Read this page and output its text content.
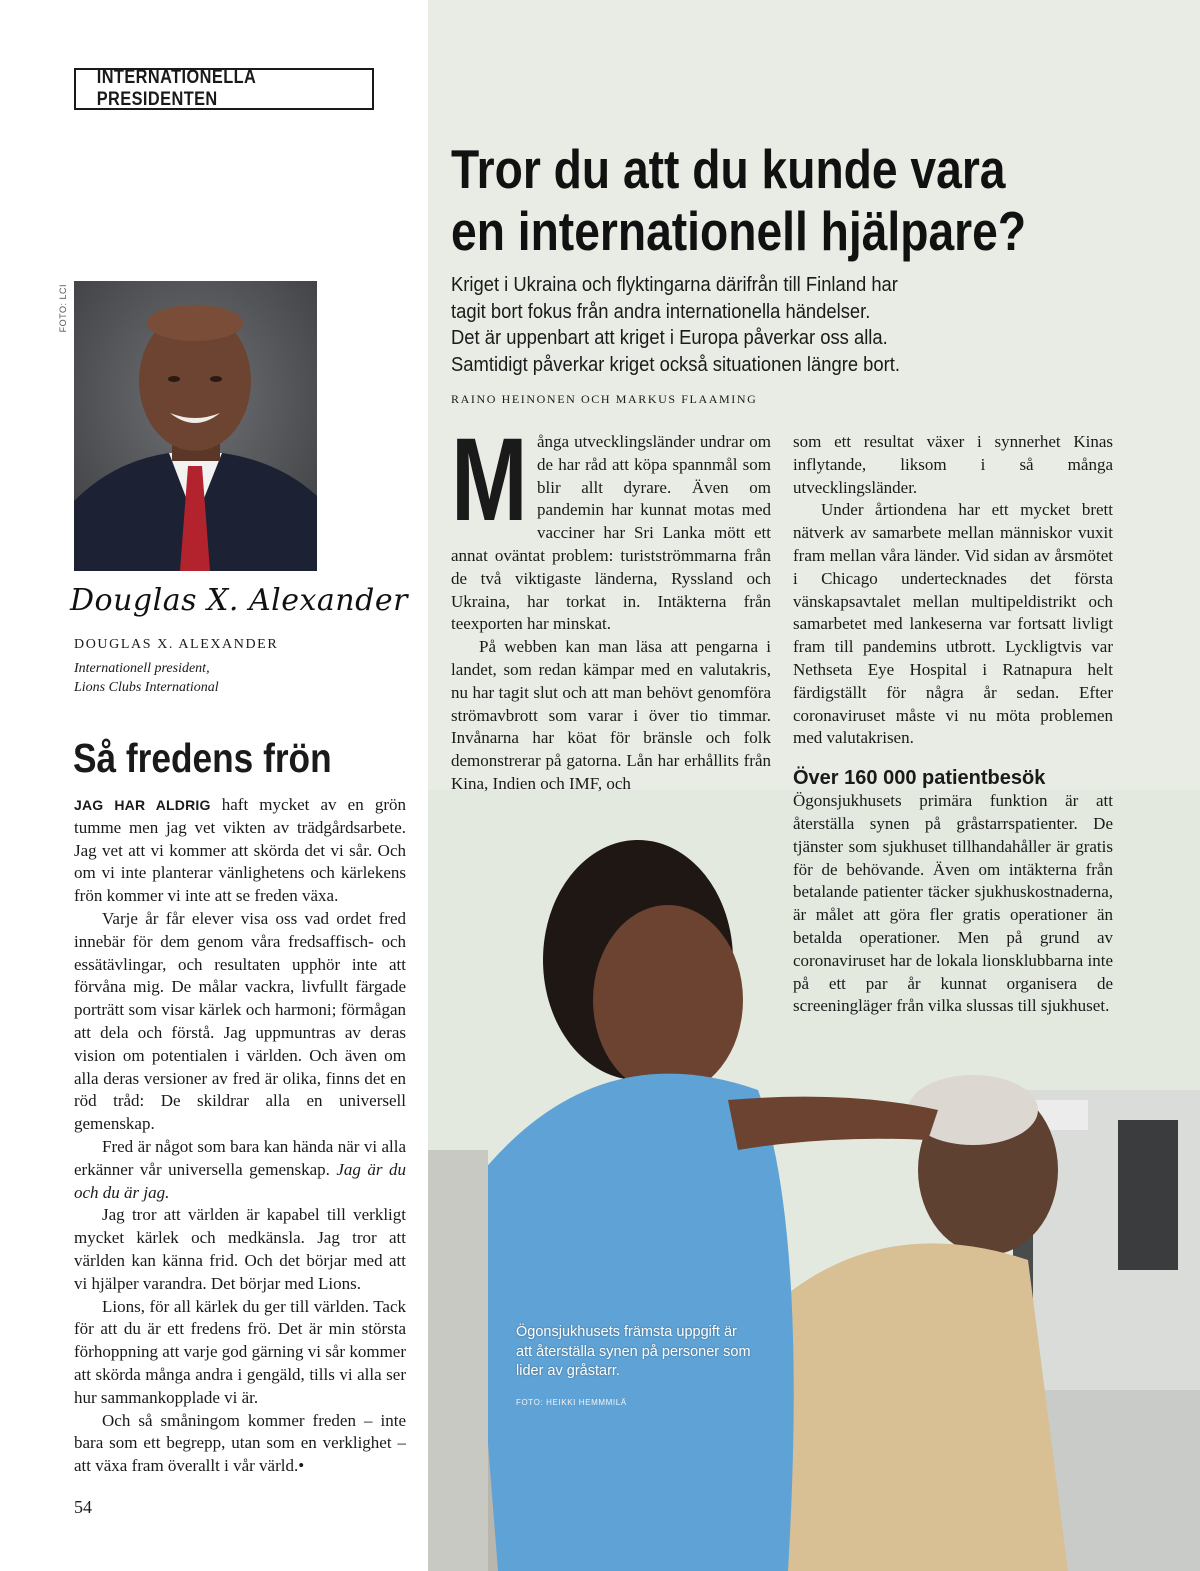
INTERNATIONELLA PRESIDENTEN
FOTO: LCI
Douglas X. Alexander
DOUGLAS X. ALEXANDER
Internationell president,
Lions Clubs International
Så fredens frön

JAG HAR ALDRIG haft mycket av en grön tumme men jag vet vikten av trädgårdsarbete. Jag vet att vi kommer att skörda det vi sår. Och om vi inte planterar vänlighetens och kärlekens frön kommer vi inte att se freden växa.

Varje år får elever visa oss vad ordet fred innebär för dem genom våra fredsaffisch- och essätävlingar, och resultaten upphör inte att förvåna mig. De målar vackra, livfullt färgade porträtt som visar kärlek och harmoni; förmågan att dela och förstå. Jag uppmuntras av deras vision om potentialen i världen. Och även om alla deras versioner av fred är olika, finns det en röd tråd: De skildrar alla en universell gemenskap.

Fred är något som bara kan hända när vi alla erkänner vår universella gemenskap. Jag är du och du är jag.

Jag tror att världen är kapabel till verkligt mycket kärlek och medkänsla. Jag tror att världen kan känna frid. Och det börjar med att vi hjälper varandra. Det börjar med Lions.

Lions, för all kärlek du ger till världen. Tack för att du är ett fredens frö. Det är min största förhoppning att varje god gärning vi sår kommer att skörda många andra i gengäld, tills vi alla ser hur sammankopplade vi är.

Och så småningom kommer freden – inte bara som ett begrepp, utan som en verklighet – att växa fram överallt i vår värld.•

54
Tror du att du kunde vara
en internationell hjälpare?
Kriget i Ukraina och flyktingarna därifrån till Finland har
tagit bort fokus från andra internationella händelser.
Det är uppenbart att kriget i Europa påverkar oss alla.
Samtidigt påverkar kriget också situationen längre bort.
RAINO HEINONEN OCH MARKUS FLAAMING

Många utvecklingsländer undrar om de har råd att köpa spannmål som blir allt dyrare. Även om pandemin har kunnat motas med vacciner har Sri Lanka mött ett annat oväntat problem: turistströmmarna från de två viktigaste länderna, Ryssland och Ukraina, har torkat in. Intäkterna från teexporten har minskat.

På webben kan man läsa att pengarna i landet, som redan kämpar med en valutakris, nu har tagit slut och att man behövt genomföra strömavbrott som varar i över tio timmar. Invånarna har köat för bränsle och folk demonstrerar på gatorna. Lån har erhållits från Kina, Indien och IMF, och

som ett resultat växer i synnerhet Kinas inflytande, liksom i så många utvecklingsländer.

Under årtiondena har ett mycket brett nätverk av samarbete mellan människor vuxit fram mellan våra länder. Vid sidan av årsmötet i Chicago undertecknades det första vänskapsavtalet mellan multipeldistrikt och samarbetet med lankeserna var fortsatt livligt fram till pandemins utbrott. Lyckligtvis var Nethseta Eye Hospital i Ratnapura helt färdigställt för några år sedan. Efter coronaviruset måste vi nu möta problemen med valutakrisen.

Över 160 000 patientbesök

Ögonsjukhusets primära funktion är att återställa synen på gråstarrspatienter. De tjänster som sjukhuset tillhandahåller är gratis för de behövande. Även om intäkterna från betalande patienter täcker sjukhuskostnaderna, är målet att göra fler gratis operationer än betalda operationer. Men på grund av coronaviruset har de lokala lionsklubbarna inte på ett par år kunnat organisera de screeningläger från vilka slussas till sjukhuset.

Ögonsjukhusets främsta uppgift är att återställa synen på personer som lider av gråstarr.
FOTO: HEIKKI HEMMMILÄ
